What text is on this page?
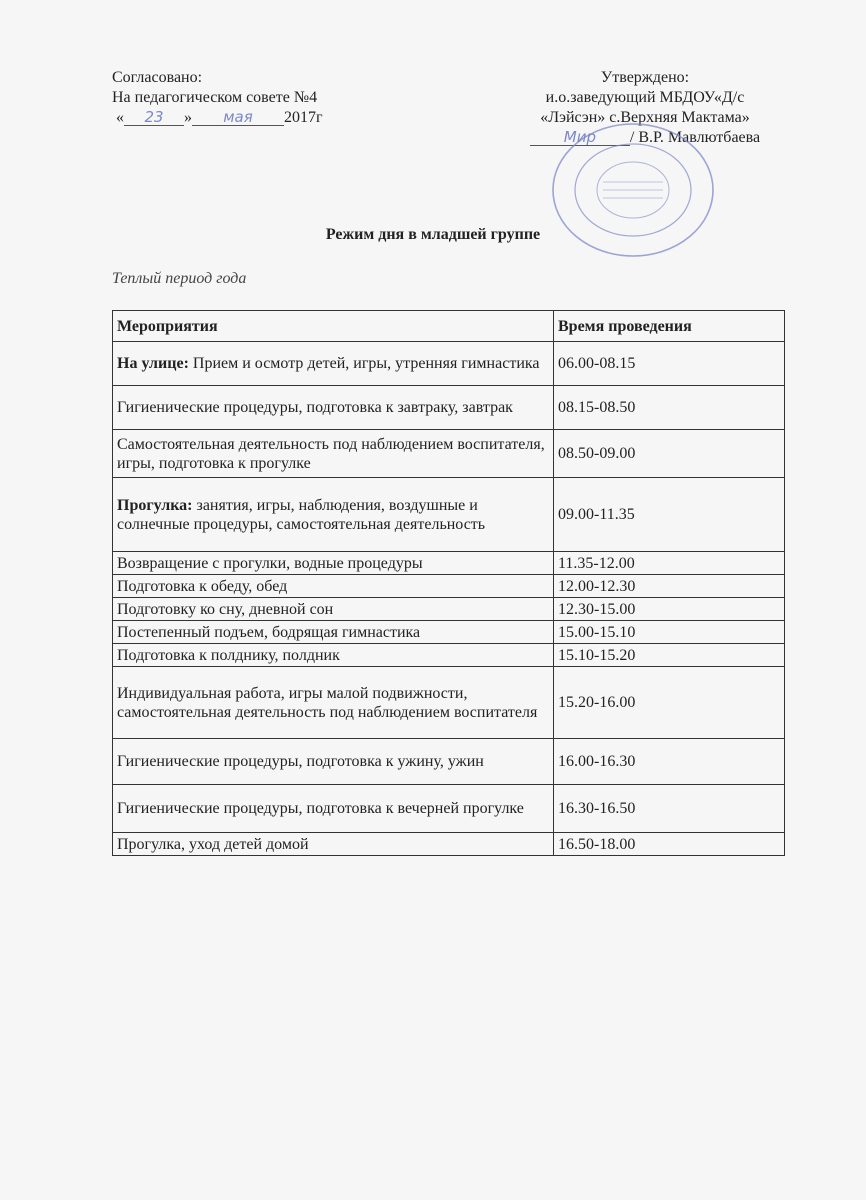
Согласовано:
На педагогическом совете №4
« 23 » мая 2017г
Утверждено:
и.о.заведующий МБДОУ«Д/с
«Лэйсэн» с.Верхняя Мактама»
Мир / В.Р. Мавлютбаева
Режим дня в младшей группе
Теплый период года
Мероприятия	Время проведения
На улице: Прием и осмотр детей, игры, утренняя гимнастика	06.00-08.15
Гигиенические процедуры, подготовка к завтраку, завтрак	08.15-08.50
Самостоятельная деятельность под наблюдением воспитателя, игры, подготовка к прогулке	08.50-09.00
Прогулка: занятия, игры, наблюдения, воздушные и солнечные процедуры, самостоятельная деятельность	09.00-11.35
Возвращение с прогулки, водные процедуры	11.35-12.00
Подготовка к обеду, обед	12.00-12.30
Подготовку ко сну, дневной сон	12.30-15.00
Постепенный подъем, бодрящая гимнастика	15.00-15.10
Подготовка к полднику, полдник	15.10-15.20
Индивидуальная работа, игры малой подвижности, самостоятельная деятельность под наблюдением воспитателя	15.20-16.00
Гигиенические процедуры, подготовка к ужину, ужин	16.00-16.30
Гигиенические процедуры, подготовка к вечерней прогулке	16.30-16.50
Прогулка, уход детей домой	16.50-18.00
